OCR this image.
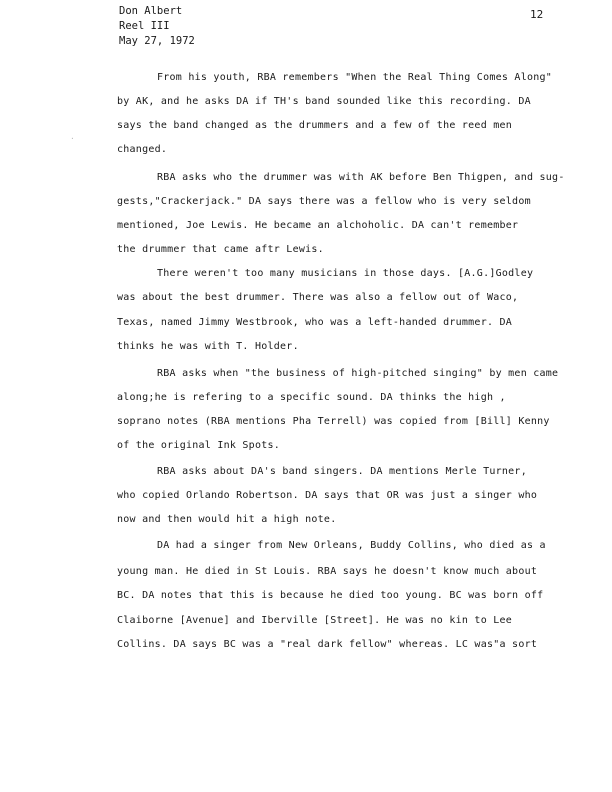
Don Albert
Reel III
May 27, 1972
12
.
From his youth, RBA remembers "When the Real Thing Comes Along"
by AK, and he asks DA if TH's band sounded like this recording. DA
says the band changed as the drummers and a few of the reed men
changed.
RBA asks who the drummer was with AK before Ben Thigpen, and sug-
gests,"Crackerjack." DA says there was a fellow who is very seldom
mentioned, Joe Lewis. He became an alchoholic. DA can't remember
the drummer that came aftr Lewis.
There weren't too many musicians in those days. [A.G.]Godley
was about the best drummer. There was also a fellow out of Waco,
Texas, named Jimmy Westbrook, who was a left-handed drummer. DA
thinks he was with T. Holder.
RBA asks when "the business of high-pitched singing" by men came
along;he is refering to a specific sound. DA thinks the high ,
soprano notes (RBA mentions Pha Terrell) was copied from [Bill] Kenny
of the original Ink Spots.
RBA asks about DA's band singers. DA mentions Merle Turner,
who copied Orlando Robertson. DA says that OR was just a singer who
now and then would hit a high note.
DA had a singer from New Orleans, Buddy Collins, who died as a
young man. He died in St Louis. RBA says he doesn't know much about
BC. DA notes that this is because he died too young. BC was born off
Claiborne [Avenue] and Iberville [Street]. He was no kin to Lee
Collins. DA says BC was a "real dark fellow" whereas. LC was"a sort
